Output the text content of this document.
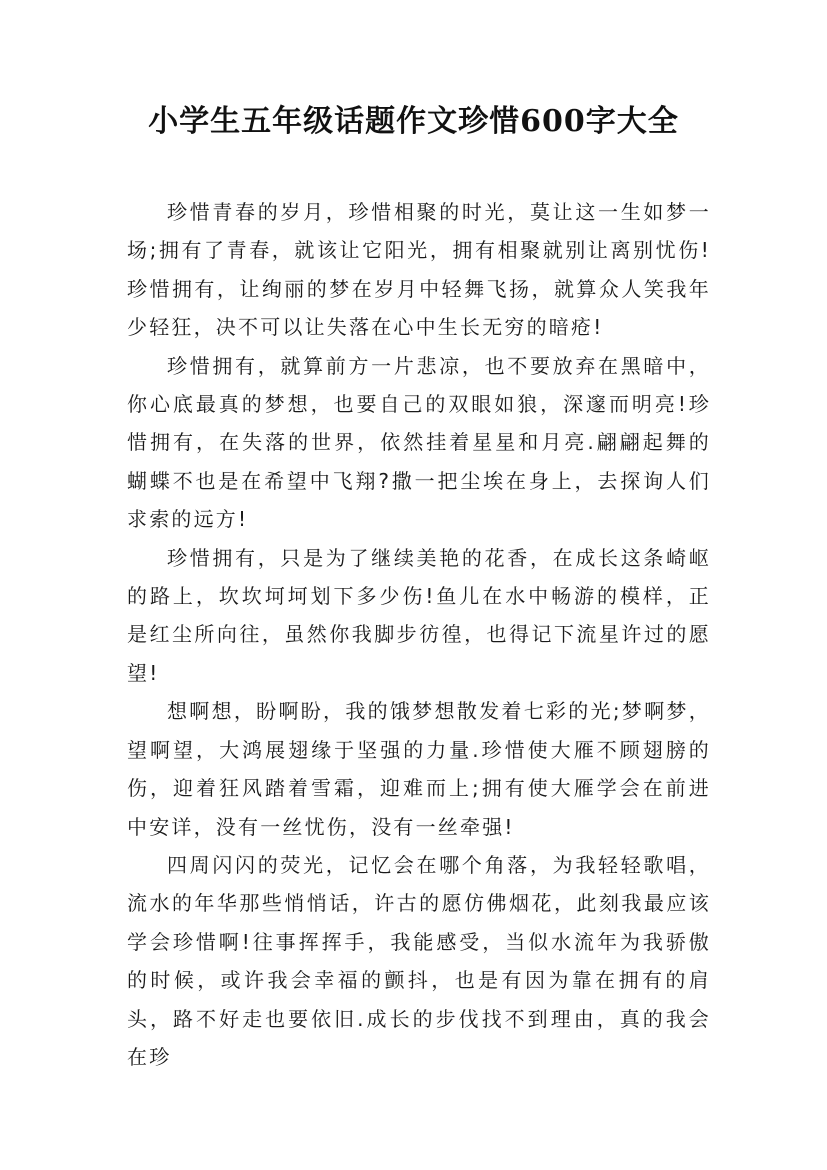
小学生五年级话题作文珍惜600字大全

珍惜青春的岁月，珍惜相聚的时光，莫让这一生如梦一场;拥有了青春，就该让它阳光，拥有相聚就别让离别忧伤!珍惜拥有，让绚丽的梦在岁月中轻舞飞扬，就算众人笑我年少轻狂，决不可以让失落在心中生长无穷的暗疮!

珍惜拥有，就算前方一片悲凉，也不要放弃在黑暗中，你心底最真的梦想，也要自己的双眼如狼，深邃而明亮!珍惜拥有，在失落的世界，依然挂着星星和月亮.翩翩起舞的蝴蝶不也是在希望中飞翔?撒一把尘埃在身上，去探询人们求索的远方!

珍惜拥有，只是为了继续美艳的花香，在成长这条崎岖的路上，坎坎坷坷划下多少伤!鱼儿在水中畅游的模样，正是红尘所向往，虽然你我脚步彷徨，也得记下流星许过的愿望!

想啊想，盼啊盼，我的饿梦想散发着七彩的光;梦啊梦，望啊望，大鸿展翅缘于坚强的力量.珍惜使大雁不顾翅膀的伤，迎着狂风踏着雪霜，迎难而上;拥有使大雁学会在前进中安详，没有一丝忧伤，没有一丝牵强!

四周闪闪的荧光，记忆会在哪个角落，为我轻轻歌唱，流水的年华那些悄悄话，许古的愿仿佛烟花，此刻我最应该学会珍惜啊!往事挥挥手，我能感受，当似水流年为我骄傲的时候，或许我会幸福的颤抖，也是有因为靠在拥有的肩头，路不好走也要依旧.成长的步伐找不到理由，真的我会在珍
